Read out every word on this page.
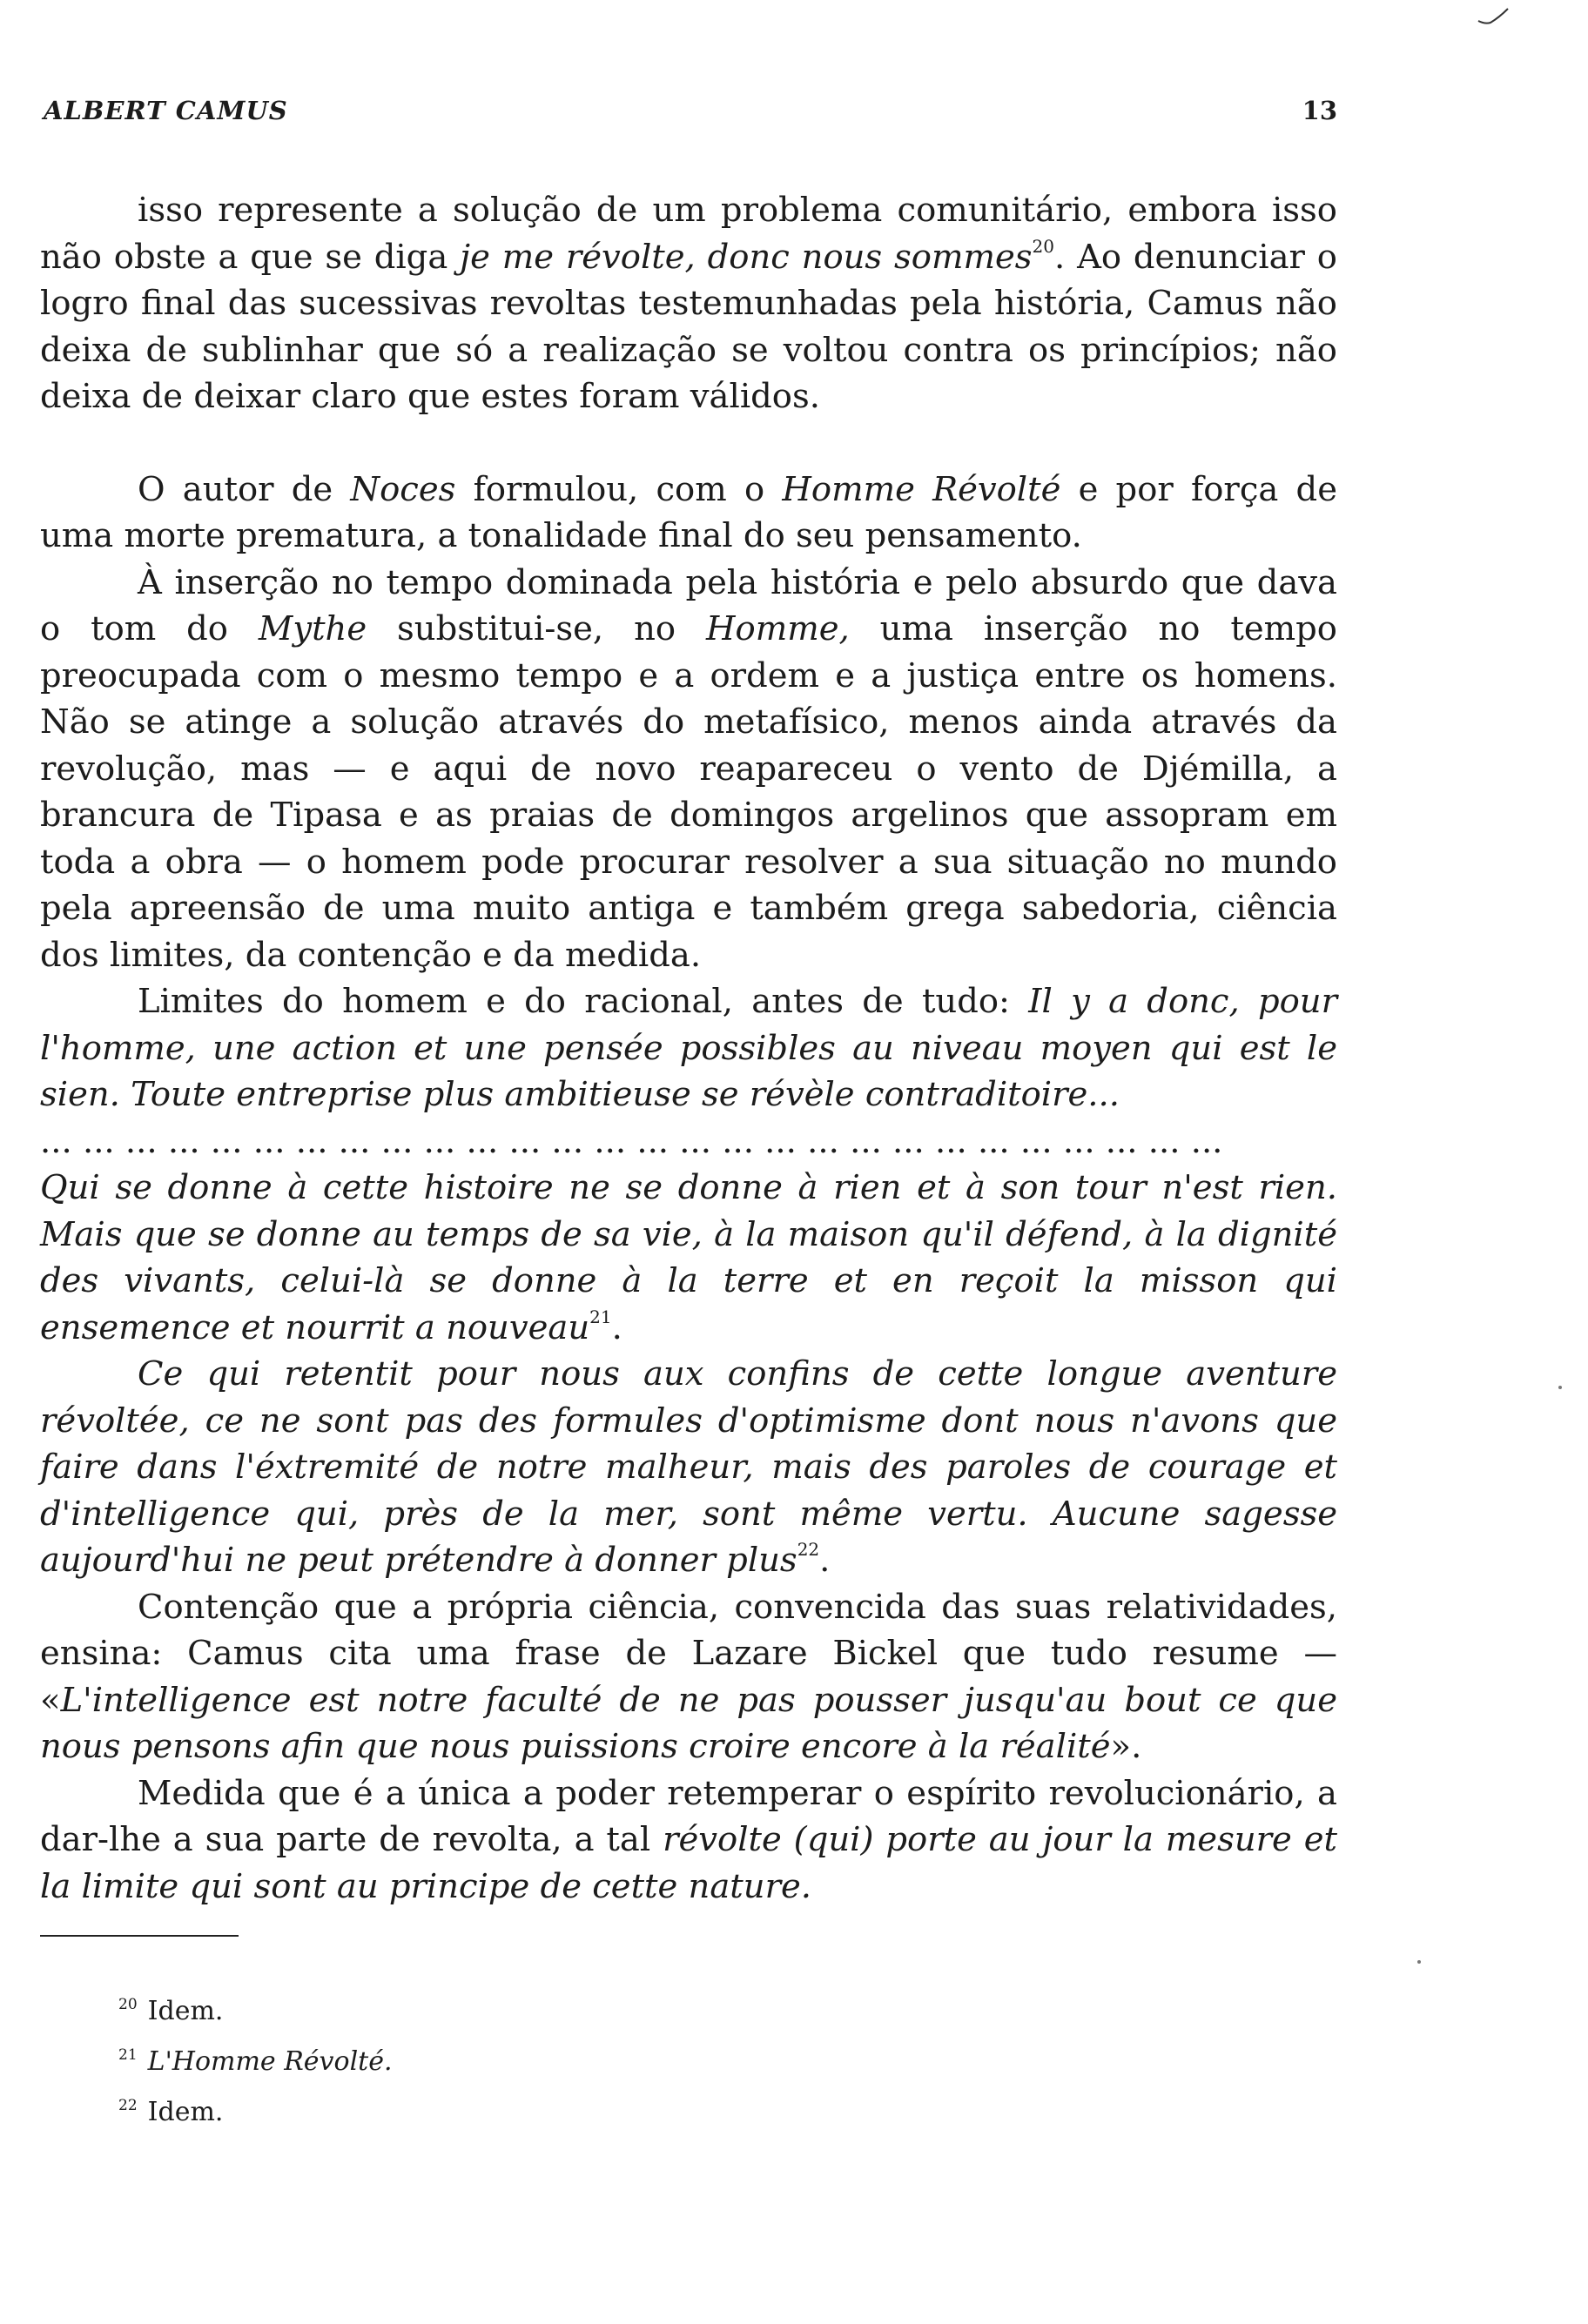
ALBERT CAMUS	13

isso represente a solução de um problema comunitário, embora isso não obste a que se diga je me révolte, donc nous sommes$^{20}$. Ao denunciar o logro final das sucessivas revoltas testemunhadas pela história, Camus não deixa de sublinhar que só a realização se voltou contra os princípios; não deixa de deixar claro que estes foram válidos.

O autor de Noces formulou, com o Homme Révolté e por força de uma morte prematura, a tonalidade final do seu pensamento.

À inserção no tempo dominada pela história e pelo absurdo que dava o tom do Mythe substitui-se, no Homme, uma inserção no tempo preocupada com o mesmo tempo e a ordem e a justiça entre os homens. Não se atinge a solução através do metafísico, menos ainda através da revolução, mas — e aqui de novo reapareceu o vento de Djémilla, a brancura de Tipasa e as praias de domingos argelinos que assopram em toda a obra — o homem pode procurar resolver a sua situação no mundo pela apreensão de uma muito antiga e também grega sabedoria, ciência dos limites, da contenção e da medida.

Limites do homem e do racional, antes de tudo: Il y a donc, pour l'homme, une action et une pensée possibles au niveau moyen qui est le sien. Toute entreprise plus ambitieuse se révèle contraditoire...

... ... ... ... ... ... ... ... ... ... ... ... ... ... ... ... ... ... ... ... ... ... ... ... ... ... ... ...

Qui se donne à cette histoire ne se donne à rien et à son tour n'est rien. Mais que se donne au temps de sa vie, à la maison qu'il défend, à la dignité des vivants, celui-là se donne à la terre et en reçoit la misson qui ensemence et nourrit a nouveau$^{21}$.

Ce qui retentit pour nous aux confins de cette longue aventure révoltée, ce ne sont pas des formules d'optimisme dont nous n'avons que faire dans l'éxtremité de notre malheur, mais des paroles de courage et d'intelligence qui, près de la mer, sont même vertu. Aucune sagesse aujourd'hui ne peut prétendre à donner plus$^{22}$.

Contenção que a própria ciência, convencida das suas relatividades, ensina: Camus cita uma frase de Lazare Bickel que tudo resume — «L'intelligence est notre faculté de ne pas pousser jusqu'au bout ce que nous pensons afin que nous puissions croire encore à la réalité».

Medida que é a única a poder retemperar o espírito revolucionário, a dar-lhe a sua parte de revolta, a tal révolte (qui) porte au jour la mesure et la limite qui sont au principe de cette nature.

$^{20}$ Idem.
$^{21}$ L'Homme Révolté.
$^{22}$ Idem.
